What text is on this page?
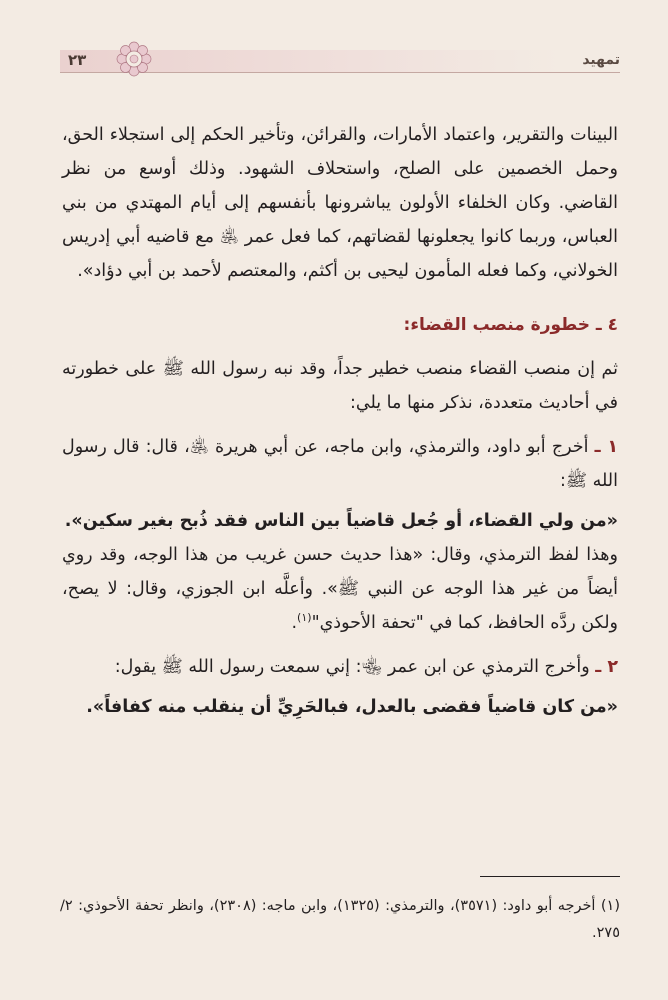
تمهيد
٢٣

البينات والتقرير، واعتماد الأمارات، والقرائن، وتأخير الحكم إلى استجلاء الحق، وحمل الخصمين على الصلح، واستحلاف الشهود. وذلك أوسع من نظر القاضي. وكان الخلفاء الأولون يباشرونها بأنفسهم إلى أيام المهتدي من بني العباس، وربما كانوا يجعلونها لقضاتهم، كما فعل عمر ﵁ مع قاضيه أبي إدريس الخولاني، وكما فعله المأمون ليحيى بن أكثم، والمعتصم لأحمد بن أبي دؤاد».

٤ ـ خطورة منصب القضاء:

ثم إن منصب القضاء منصب خطير جداً، وقد نبه رسول الله ﷺ على خطورته في أحاديث متعددة، نذكر منها ما يلي:

١ ـ أخرج أبو داود، والترمذي، وابن ماجه، عن أبي هريرة ﵁، قال: قال رسول الله ﷺ:

«من ولي القضاء، أو جُعل قاضياً بين الناس فقد ذُبح بغير سكين».

وهذا لفظ الترمذي، وقال: «هذا حديث حسن غريب من هذا الوجه، وقد روي أيضاً من غير هذا الوجه عن النبي ﷺ». وأعلَّه ابن الجوزي، وقال: لا يصح، ولكن ردَّه الحافظ، كما في "تحفة الأحوذي"$^{(١)}$.

٢ ـ وأخرج الترمذي عن ابن عمر ﵄: إني سمعت رسول الله ﷺ يقول:

«من كان قاضياً فقضى بالعدل، فبالحَرِيِّ أن ينقلب منه كفافاً».

(١) أخرجه أبو داود: (٣٥٧١)، والترمذي: (١٣٢٥)، وابن ماجه: (٢٣٠٨)، وانظر تحفة الأحوذي: ٢/ ٢٧٥.
